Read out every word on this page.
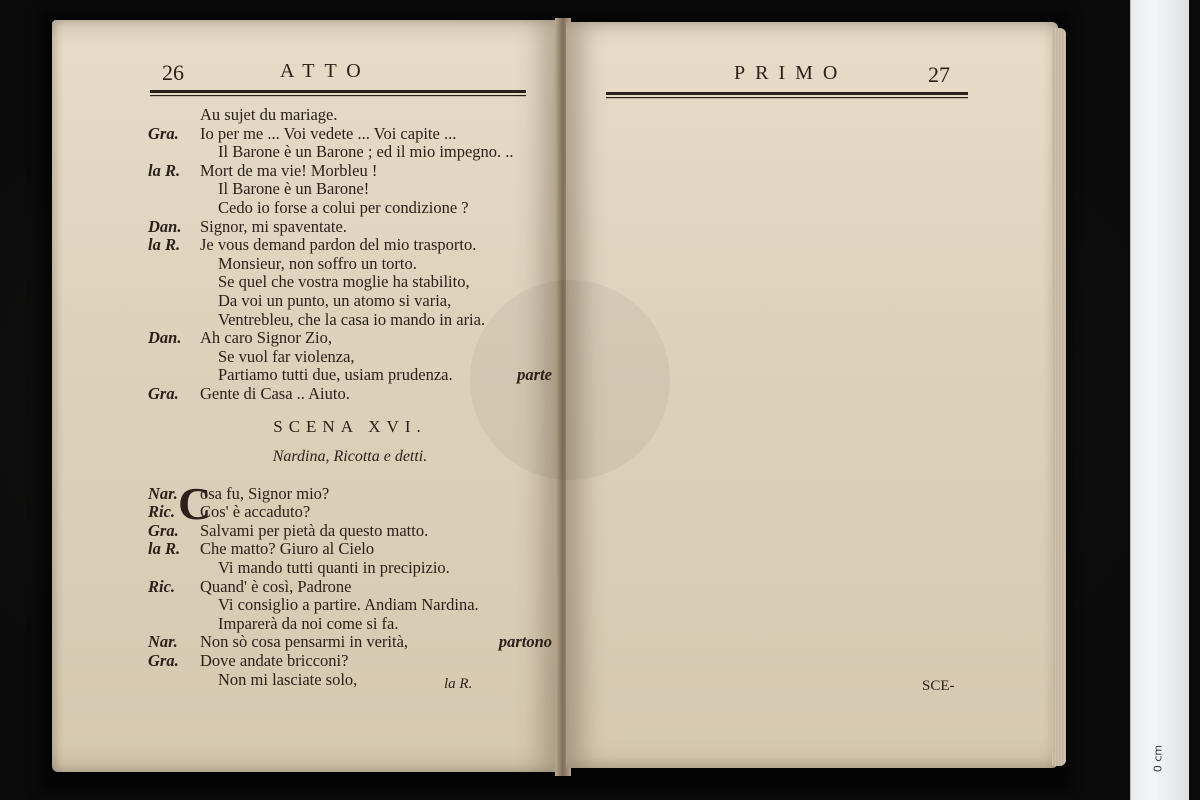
26	ATTO
Au sujet du mariage.
Gra. Io per me ... Voi vedete ... Voi capite ...
Il Barone è un Barone ; ed il mio impegno. ..
la R. Mort de ma vie! Morbleu !
Il Barone è un Barone!
Cedo io forse a colui per condizione ?
Dan. Signor, mi spaventate.
la R. Je vous demand pardon del mio trasporto.
Monsieur, non soffro un torto.
Se quel che vostra moglie ha stabilito,
Da voi un punto, un atomo si varia,
Ventrebleu, che la casa io mando in aria.
Dan. Ah caro Signor Zio,
Se vuol far violenza,
Partiamo tutti due, usiam prudenza.	parte
Gra. Gente di Casa .. Aiuto.
SCENA XVI.
Nardina, Ricotta e detti.
Nar. osa fu, Signor mio?
Ric. Cos' è accaduto?
Gra. Salvami per pietà da questo matto.
la R. Che matto? Giuro al Cielo
Vi mando tutti quanti in precipizio.
Ric. Quand' è così, Padrone
Vi consiglio a partire. Andiam Nardina.
Imparerà da noi come si fa.
Nar. Non sò cosa pensarmi in verità,	partono
Gra. Dove andate bricconi?
Non mi lasciate solo,
C
la R.
PRIMO	27
SCE-
0 cm
